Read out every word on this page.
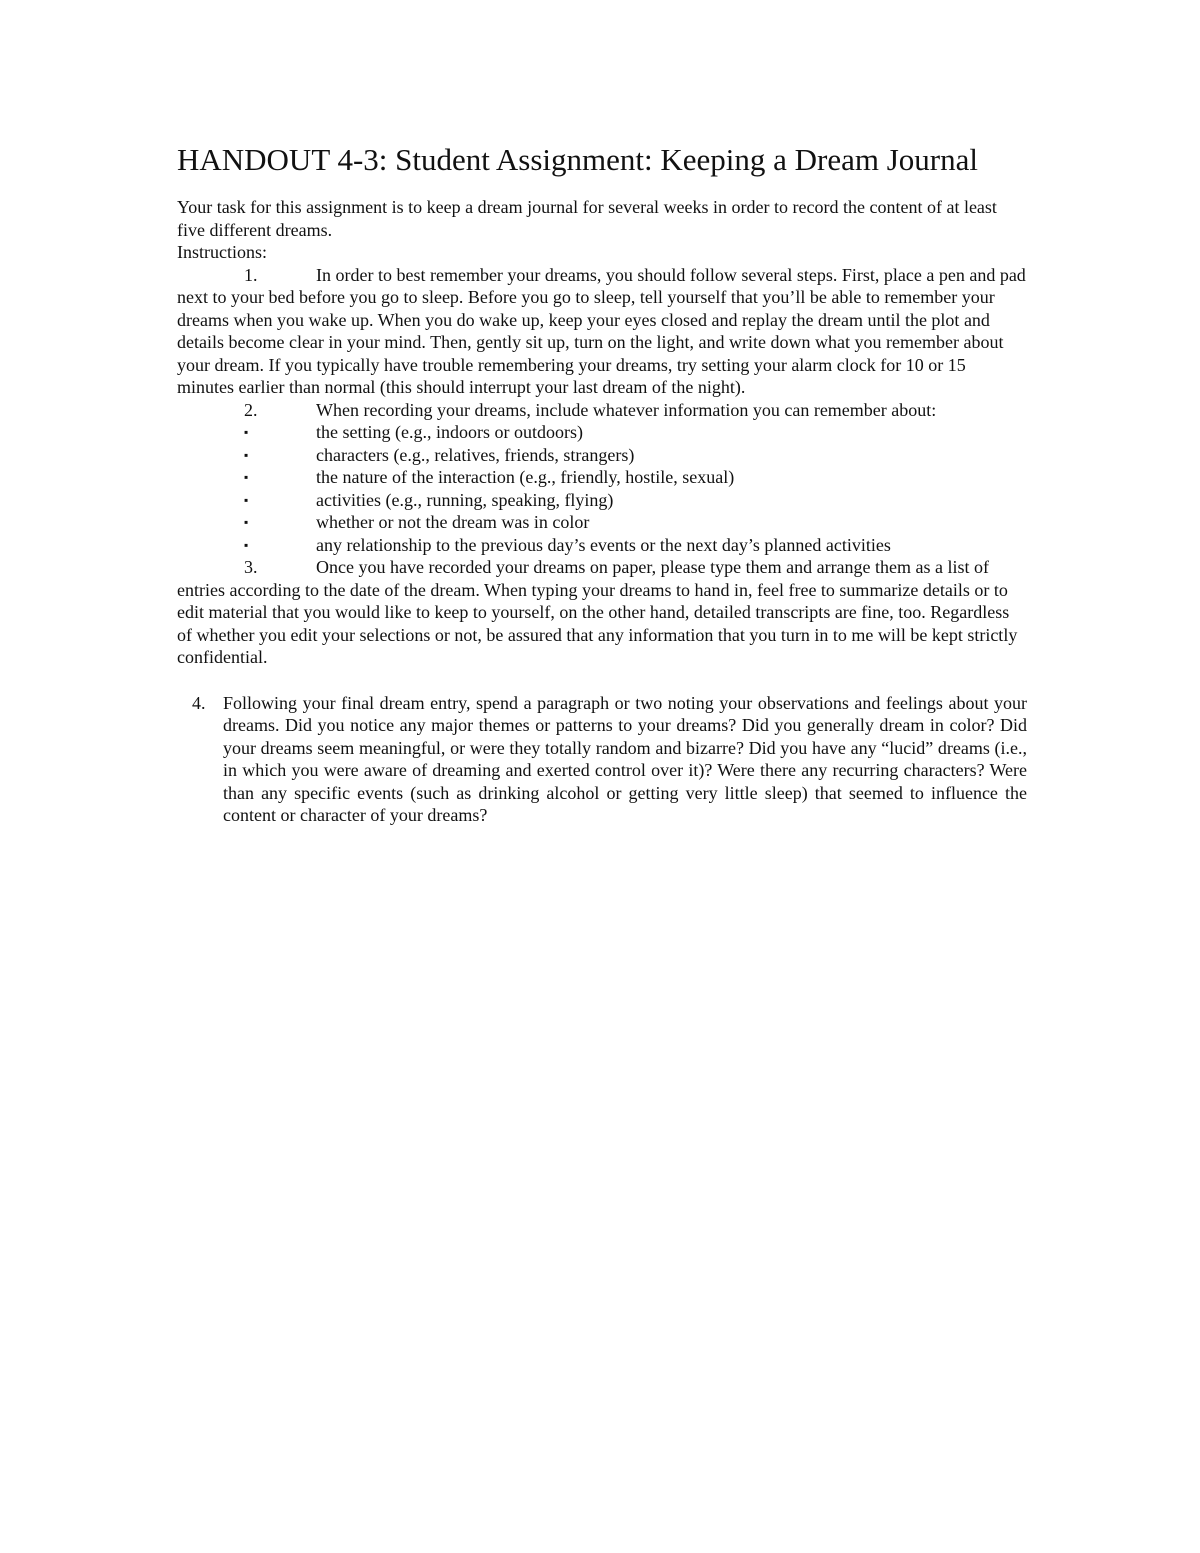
HANDOUT 4-3: Student Assignment: Keeping a Dream Journal

Your task for this assignment is to keep a dream journal for several weeks in order to record the content of at least five different dreams.

Instructions:

1.	In order to best remember your dreams, you should follow several steps. First, place a pen and pad next to your bed before you go to sleep. Before you go to sleep, tell yourself that you’ll be able to remember your dreams when you wake up. When you do wake up, keep your eyes closed and replay the dream until the plot and details become clear in your mind. Then, gently sit up, turn on the light, and write down what you remember about your dream. If you typically have trouble remembering your dreams, try setting your alarm clock for 10 or 15 minutes earlier than normal (this should interrupt your last dream of the night).

2.	When recording your dreams, include whatever information you can remember about:

▪	the setting (e.g., indoors or outdoors)

▪	characters (e.g., relatives, friends, strangers)

▪	the nature of the interaction (e.g., friendly, hostile, sexual)

▪	activities (e.g., running, speaking, flying)

▪	whether or not the dream was in color

▪	any relationship to the previous day’s events or the next day’s planned activities

3.	Once you have recorded your dreams on paper, please type them and arrange them as a list of entries according to the date of the dream. When typing your dreams to hand in, feel free to summarize details or to edit material that you would like to keep to yourself, on the other hand, detailed transcripts are fine, too. Regardless of whether you edit your selections or not, be assured that any information that you turn in to me will be kept strictly confidential.

4. Following your final dream entry, spend a paragraph or two noting your observations and feelings about your dreams. Did you notice any major themes or patterns to your dreams? Did you generally dream in color? Did your dreams seem meaningful, or were they totally random and bizarre? Did you have any “lucid” dreams (i.e., in which you were aware of dreaming and exerted control over it)? Were there any recurring characters? Were than any specific events (such as drinking alcohol or getting very little sleep) that seemed to influence the content or character of your dreams?
